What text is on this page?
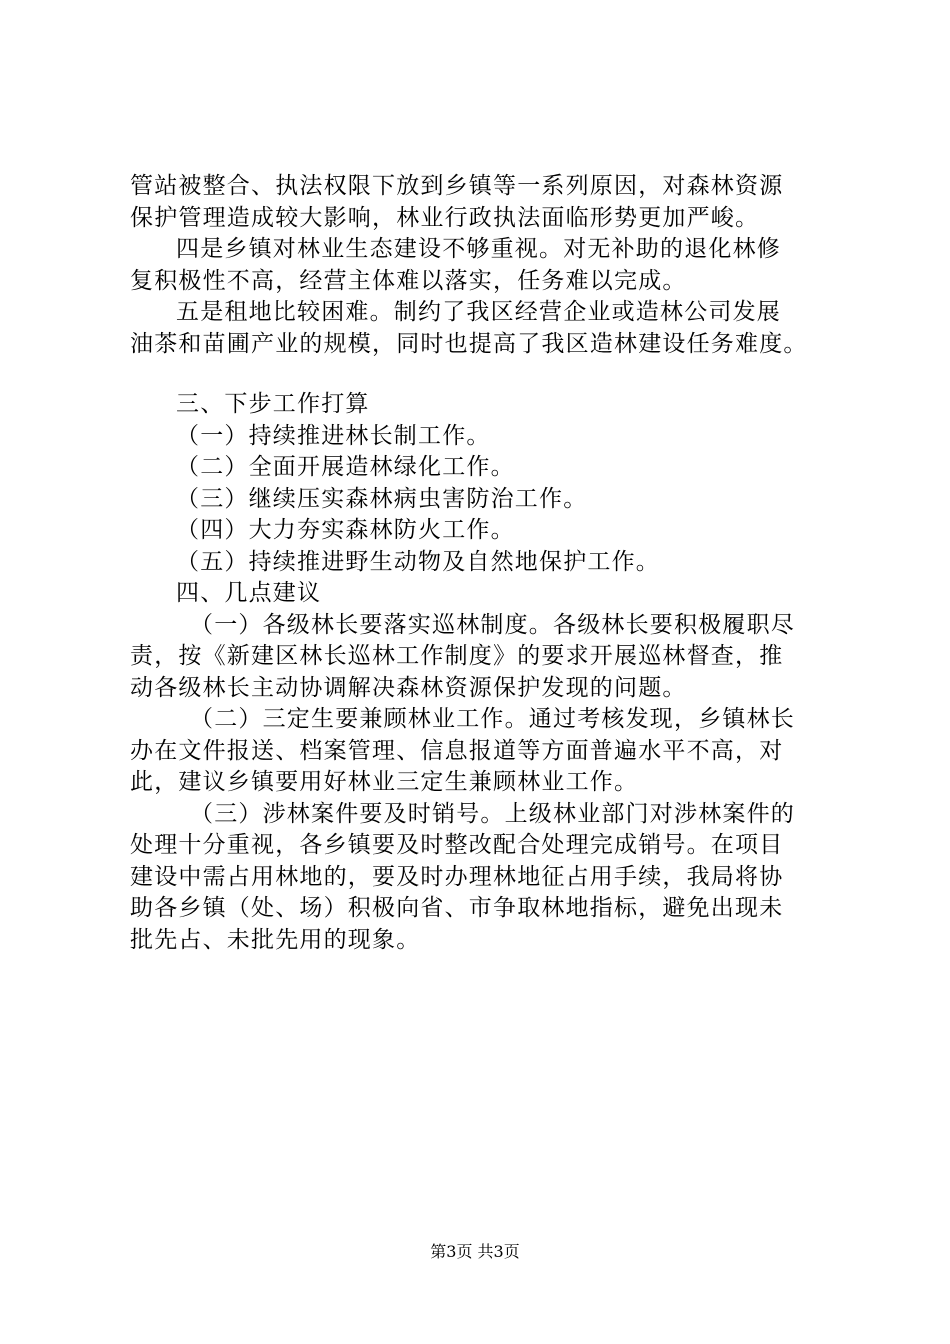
管站被整合、执法权限下放到乡镇等一系列原因，对森林资源
保护管理造成较大影响，林业行政执法面临形势更加严峻。
四是乡镇对林业生态建设不够重视。对无补助的退化林修
复积极性不高，经营主体难以落实，任务难以完成。
五是租地比较困难。制约了我区经营企业或造林公司发展
油茶和苗圃产业的规模，同时也提高了我区造林建设任务难度。
三、下步工作打算
（一）持续推进林长制工作。
（二）全面开展造林绿化工作。
（三）继续压实森林病虫害防治工作。
（四）大力夯实森林防火工作。
（五）持续推进野生动物及自然地保护工作。
四、几点建议
（一）各级林长要落实巡林制度。各级林长要积极履职尽
责，按《新建区林长巡林工作制度》的要求开展巡林督查，推
动各级林长主动协调解决森林资源保护发现的问题。
（二）三定生要兼顾林业工作。通过考核发现，乡镇林长
办在文件报送、档案管理、信息报道等方面普遍水平不高，对
此，建议乡镇要用好林业三定生兼顾林业工作。
（三）涉林案件要及时销号。上级林业部门对涉林案件的
处理十分重视，各乡镇要及时整改配合处理完成销号。在项目
建设中需占用林地的，要及时办理林地征占用手续，我局将协
助各乡镇（处、场）积极向省、市争取林地指标，避免出现未
批先占、未批先用的现象。
第3页 共3页
